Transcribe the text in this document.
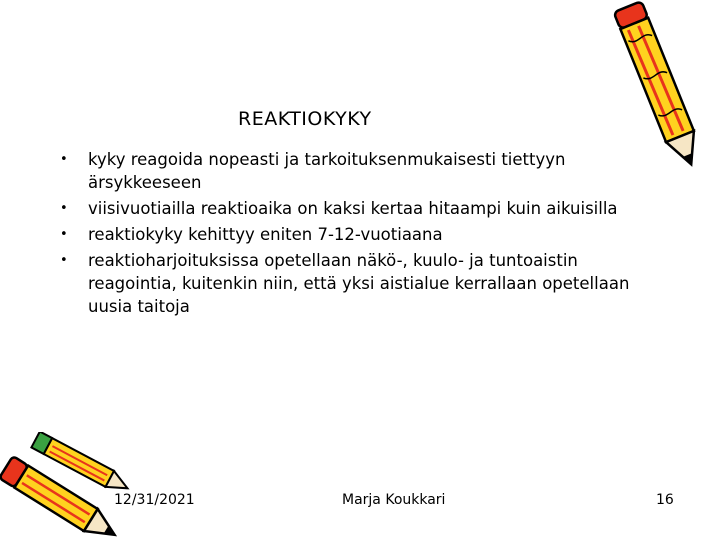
REAKTIOKYKY
• kyky reagoida nopeasti ja tarkoituksenmukaisesti tiettyyn ärsykkeeseen
• viisivuotiailla reaktioaika on kaksi kertaa hitaampi kuin aikuisilla
• reaktiokyky kehittyy eniten 7-12-vuotiaana
• reaktioharjoituksissa opetellaan näkö-, kuulo- ja tuntoaistin reagointia, kuitenkin niin, että yksi aistialue kerrallaan opetellaan uusia taitoja
12/31/2021	Marja Koukkari	16
